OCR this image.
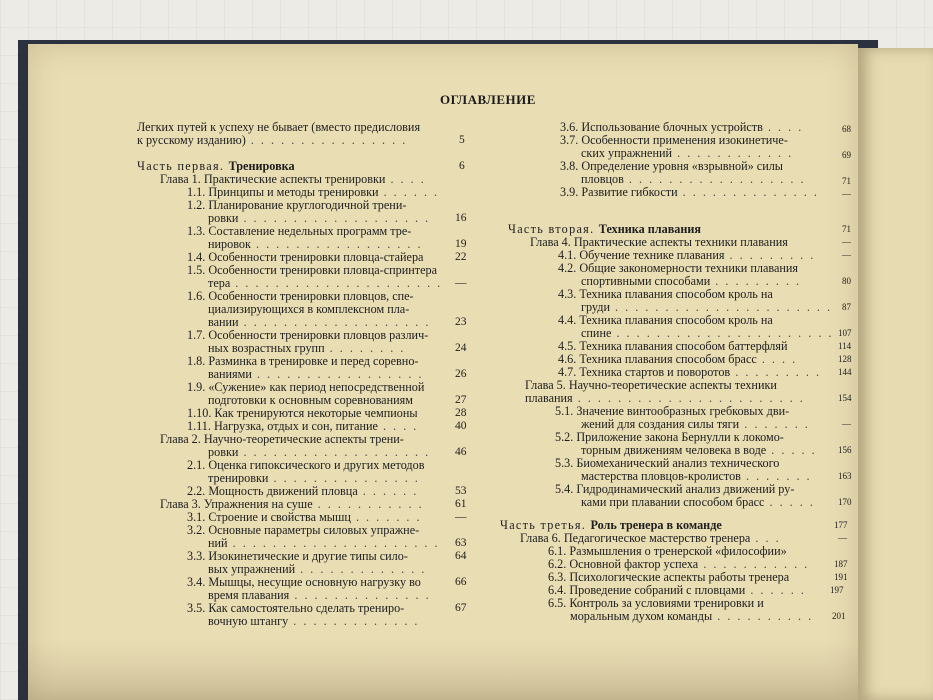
ОГЛАВЛЕНИЕ
Легких путей к успеху не бывает (вместо предисловия
к русскому изданию) . . . . . . . . . . . . . . . .
Часть первая. Тренировка
Глава 1. Практические аспекты тренировки . . . .
1.1. Принципы и методы тренировки . . . . . .
1.2. Планирование круглогодичной трени-
ровки . . . . . . . . . . . . . . . . . . .
1.3. Составление недельных программ тре-
нировок . . . . . . . . . . . . . . . . .
1.4. Особенности тренировки пловца-стайера
1.5. Особенности тренировки пловца-спринтера
тера . . . . . . . . . . . . . . . . . . . . .
1.6. Особенности тренировки пловцов, спе-
циализирующихся в комплексном пла-
вании . . . . . . . . . . . . . . . . . . .
1.7. Особенности тренировки пловцов различ-
ных возрастных групп . . . . . . . .
1.8. Разминка в тренировке и перед соревно-
ваниями . . . . . . . . . . . . . . . . .
1.9. «Сужение» как период непосредственной
подготовки к основным соревнованиям
1.10. Как тренируются некоторые чемпионы
1.11. Нагрузка, отдых и сон, питание . . . .
Глава 2. Научно-теоретические аспекты трени-
ровки . . . . . . . . . . . . . . . . . . .
2.1. Оценка гипоксического и других методов
тренировки . . . . . . . . . . . . . . .
2.2. Мощность движений пловца . . . . . .
Глава 3. Упражнения на суше . . . . . . . . . . .
3.1. Строение и свойства мышц . . . . . . .
3.2. Основные параметры силовых упражне-
ний . . . . . . . . . . . . . . . . . . . . .
3.3. Изокинетические и другие типы сило-
вых упражнений . . . . . . . . . . . . .
3.4. Мышцы, несущие основную нагрузку во
время плавания . . . . . . . . . . . . . .
3.5. Как самостоятельно сделать трениро-
вочную штангу . . . . . . . . . . . . .
3.6. Использование блочных устройств . . . .
3.7. Особенности применения изокинетиче-
ских упражнений . . . . . . . . . . . .
3.8. Определение уровня «взрывной» силы
пловцов . . . . . . . . . . . . . . . . . .
3.9. Развитие гибкости . . . . . . . . . . . . . .
Часть вторая. Техника плавания
Глава 4. Практические аспекты техники плавания
4.1. Обучение технике плавания . . . . . . . . .
4.2. Общие закономерности техники плавания
спортивными способами . . . . . . . . .
4.3. Техника плавания способом кроль на
груди . . . . . . . . . . . . . . . . . . . . . .
4.4. Техника плавания способом кроль на
спине . . . . . . . . . . . . . . . . . . . . . .
4.5. Техника плавания способом баттерфляй
4.6. Техника плавания способом брасс . . . .
4.7. Техника стартов и поворотов . . . . . . . . .
Глава 5. Научно-теоретические аспекты техники
плавания . . . . . . . . . . . . . . . . . . . . . . .
5.1. Значение винтообразных гребковых дви-
жений для создания силы тяги . . . . . . .
5.2. Приложение закона Бернулли к локомо-
торным движениям человека в воде . . . . .
5.3. Биомеханический анализ технического
мастерства пловцов-кролистов . . . . . . .
5.4. Гидродинамический анализ движений ру-
ками при плавании способом брасс . . . . .
Часть третья. Роль тренера в команде
Глава 6. Педагогическое мастерство тренера . . .
6.1. Размышления о тренерской «философии»
6.2. Основной фактор успеха . . . . . . . . . . .
6.3. Психологические аспекты работы тренера
6.4. Проведение собраний с пловцами . . . . . .
6.5. Контроль за условиями тренировки и
моральным духом команды . . . . . . . . . .
5
6
16
19
22
—
23
24
26
27
28
40
46
53
61
—
63
64
66
67
68
69
71
—
71
—
—
80
87
107
114
128
144
154
—
156
163
170
177
—
187
191
197
201
